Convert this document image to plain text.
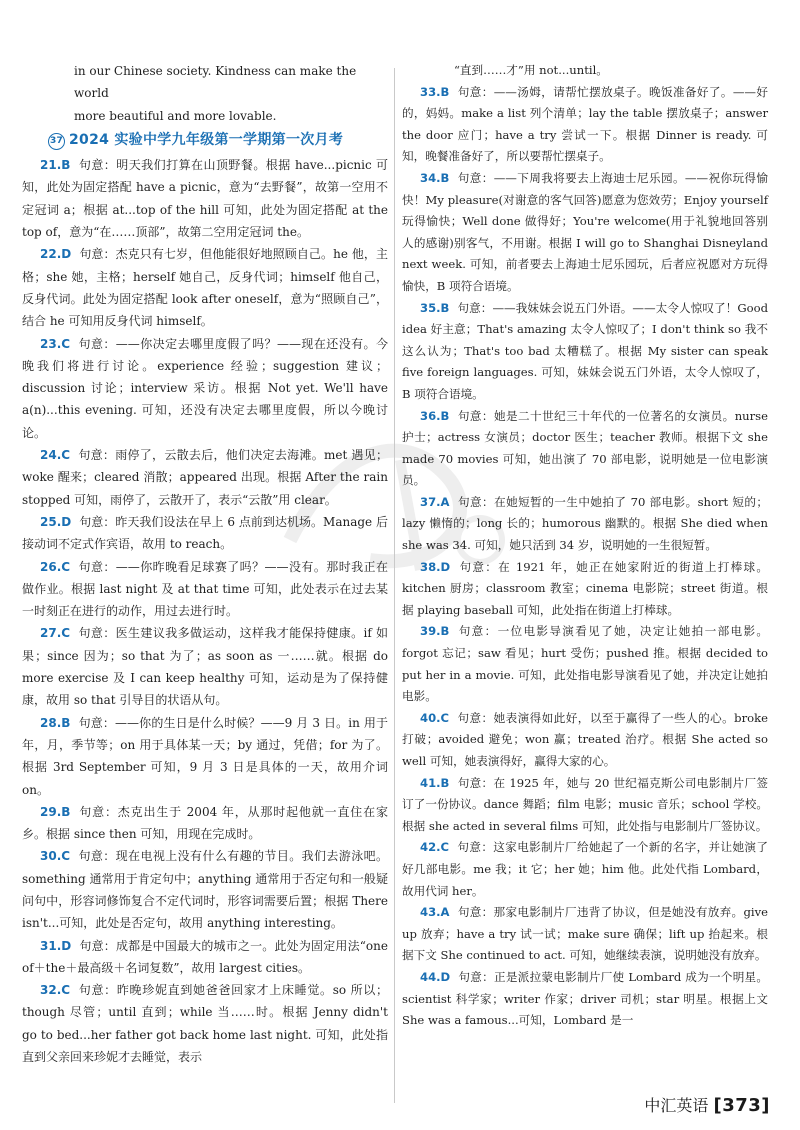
in our Chinese society. Kindness can make the world
more beautiful and more lovable.
37 2024 实验中学九年级第一学期第一次月考

21.B 句意：明天我们打算在山顶野餐。根据 have...picnic 可知，此处为固定搭配 have a picnic，意为“去野餐”，故第一空用不定冠词 a；根据 at...top of the hill 可知，此处为固定搭配 at the top of，意为“在……顶部”，故第二空用定冠词 the。

22.D 句意：杰克只有七岁，但他能很好地照顾自己。he 他，主格；she 她，主格；herself 她自己，反身代词；himself 他自己，反身代词。此处为固定搭配 look after oneself，意为“照顾自己”，结合 he 可知用反身代词 himself。

23.C 句意：——你决定去哪里度假了吗？——现在还没有。今晚我们将进行讨论。experience 经验；suggestion 建议；discussion 讨论；interview 采访。根据 Not yet. We'll have a(n)...this evening. 可知，还没有决定去哪里度假，所以今晚讨论。

24.C 句意：雨停了，云散去后，他们决定去海滩。met 遇见；woke 醒来；cleared 消散；appeared 出现。根据 After the rain stopped 可知，雨停了，云散开了，表示“云散”用 clear。

25.D 句意：昨天我们设法在早上 6 点前到达机场。Manage 后接动词不定式作宾语，故用 to reach。

26.C 句意：——你昨晚看足球赛了吗？——没有。那时我正在做作业。根据 last night 及 at that time 可知，此处表示在过去某一时刻正在进行的动作，用过去进行时。

27.C 句意：医生建议我多做运动，这样我才能保持健康。if 如果；since 因为；so that 为了；as soon as 一……就。根据 do more exercise 及 I can keep healthy 可知，运动是为了保持健康，故用 so that 引导目的状语从句。

28.B 句意：——你的生日是什么时候？——9 月 3 日。in 用于年，月，季节等；on 用于具体某一天；by 通过，凭借；for 为了。根据 3rd September 可知，9 月 3 日是具体的一天，故用介词 on。

29.B 句意：杰克出生于 2004 年，从那时起他就一直住在家乡。根据 since then 可知，用现在完成时。

30.C 句意：现在电视上没有什么有趣的节目。我们去游泳吧。something 通常用于肯定句中；anything 通常用于否定句和一般疑问句中，形容词修饰复合不定代词时，形容词需要后置；根据 There isn't...可知，此处是否定句，故用 anything interesting。

31.D 句意：成都是中国最大的城市之一。此处为固定用法“one of＋the＋最高级＋名词复数”，故用 largest cities。

32.C 句意：昨晚珍妮直到她爸爸回家才上床睡觉。so 所以；though 尽管；until 直到；while 当……时。根据 Jenny didn't go to bed...her father got back home last night. 可知，此处指直到父亲回来珍妮才去睡觉，表示

“直到……才”用 not...until。

33.B 句意：——汤姆，请帮忙摆放桌子。晚饭准备好了。——好的，妈妈。make a list 列个清单；lay the table 摆放桌子；answer the door 应门；have a try 尝试一下。根据 Dinner is ready. 可知，晚餐准备好了，所以要帮忙摆桌子。

34.B 句意：——下周我将要去上海迪士尼乐园。——祝你玩得愉快！My pleasure(对谢意的客气回答)愿意为您效劳；Enjoy yourself 玩得愉快；Well done 做得好；You're welcome(用于礼貌地回答别人的感谢)别客气，不用谢。根据 I will go to Shanghai Disneyland next week. 可知，前者要去上海迪士尼乐园玩，后者应祝愿对方玩得愉快，B 项符合语境。

35.B 句意：——我妹妹会说五门外语。——太令人惊叹了！Good idea 好主意；That's amazing 太令人惊叹了；I don't think so 我不这么认为；That's too bad 太糟糕了。根据 My sister can speak five foreign languages. 可知，妹妹会说五门外语，太令人惊叹了，B 项符合语境。

36.B 句意：她是二十世纪三十年代的一位著名的女演员。nurse 护士；actress 女演员；doctor 医生；teacher 教师。根据下文 she made 70 movies 可知，她出演了 70 部电影，说明她是一位电影演员。

37.A 句意：在她短暂的一生中她拍了 70 部电影。short 短的；lazy 懒惰的；long 长的；humorous 幽默的。根据 She died when she was 34. 可知，她只活到 34 岁，说明她的一生很短暂。

38.D 句意：在 1921 年，她正在她家附近的街道上打棒球。kitchen 厨房；classroom 教室；cinema 电影院；street 街道。根据 playing baseball 可知，此处指在街道上打棒球。

39.B 句意：一位电影导演看见了她，决定让她拍一部电影。forgot 忘记；saw 看见；hurt 受伤；pushed 推。根据 decided to put her in a movie. 可知，此处指电影导演看见了她，并决定让她拍电影。

40.C 句意：她表演得如此好，以至于赢得了一些人的心。broke 打破；avoided 避免；won 赢；treated 治疗。根据 She acted so well 可知，她表演得好，赢得大家的心。

41.B 句意：在 1925 年，她与 20 世纪福克斯公司电影制片厂签订了一份协议。dance 舞蹈；film 电影；music 音乐；school 学校。根据 she acted in several films 可知，此处指与电影制片厂签协议。

42.C 句意：这家电影制片厂给她起了一个新的名字，并让她演了好几部电影。me 我；it 它；her 她；him 他。此处代指 Lombard，故用代词 her。

43.A 句意：那家电影制片厂违背了协议，但是她没有放弃。give up 放弃；have a try 试一试；make sure 确保；lift up 抬起来。根据下文 She continued to act. 可知，她继续表演，说明她没有放弃。

44.D 句意：正是派拉蒙电影制片厂使 Lombard 成为一个明星。scientist 科学家；writer 作家；driver 司机；star 明星。根据上文 She was a famous...可知，Lombard 是一

中汇英语 [373]
